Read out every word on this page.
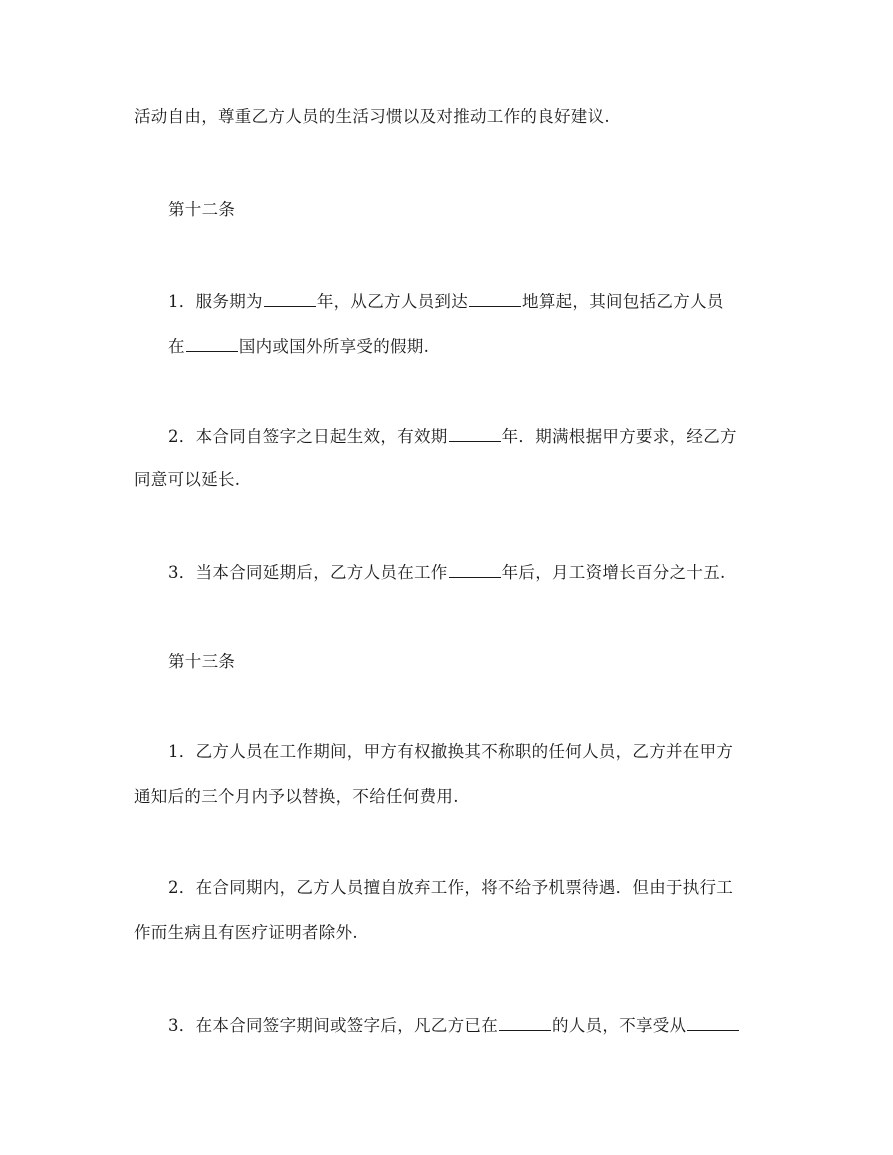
活动自由，尊重乙方人员的生活习惯以及对推动工作的良好建议.
第十二条
1．服务期为	年，从乙方人员到达	地算起，其间包括乙方人员
在	国内或国外所享受的假期.
2．本合同自签字之日起生效，有效期	年．期满根据甲方要求，经乙方
同意可以延长.
3．当本合同延期后，乙方人员在工作	年后，月工资增长百分之十五.
第十三条
1．乙方人员在工作期间，甲方有权撤换其不称职的任何人员，乙方并在甲方
通知后的三个月内予以替换，不给任何费用.
2．在合同期内，乙方人员擅自放弃工作，将不给予机票待遇．但由于执行工
作而生病且有医疗证明者除外.
3．在本合同签字期间或签字后，凡乙方已在	的人员，不享受从
